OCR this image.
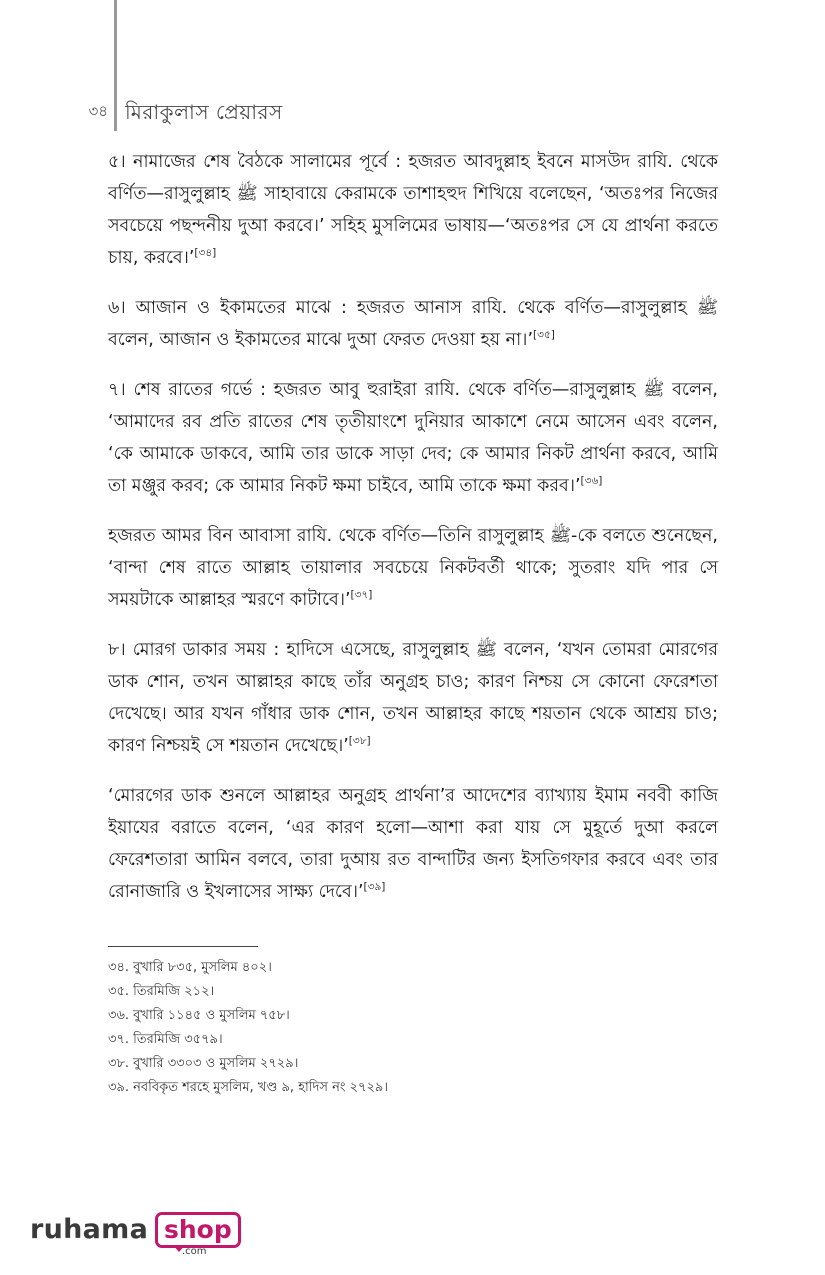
৩৪ মিরাকুলাস প্রেয়ারস

৫। নামাজের শেষ বৈঠকে সালামের পূর্বে : হজরত আবদুল্লাহ ইবনে মাসউদ রাযি. থেকে বর্ণিত—রাসুলুল্লাহ ﷺ সাহাবায়ে কেরামকে তাশাহহুদ শিখিয়ে বলেছেন, ‘অতঃপর নিজের সবচেয়ে পছন্দনীয় দুআ করবে।’ সহিহ মুসলিমের ভাষায়—‘অতঃপর সে যে প্রার্থনা করতে চায়, করবে।’[৩৪]

৬। আজান ও ইকামতের মাঝে : হজরত আনাস রাযি. থেকে বর্ণিত—রাসুলুল্লাহ ﷺ বলেন, আজান ও ইকামতের মাঝে দুআ ফেরত দেওয়া হয় না।’[৩৫]

৭। শেষ রাতের গর্ভে : হজরত আবু হুরাইরা রাযি. থেকে বর্ণিত—রাসুলুল্লাহ ﷺ বলেন, ‘আমাদের রব প্রতি রাতের শেষ তৃতীয়াংশে দুনিয়ার আকাশে নেমে আসেন এবং বলেন, ‘কে আমাকে ডাকবে, আমি তার ডাকে সাড়া দেব; কে আমার নিকট প্রার্থনা করবে, আমি তা মঞ্জুর করব; কে আমার নিকট ক্ষমা চাইবে, আমি তাকে ক্ষমা করব।’[৩৬]

হজরত আমর বিন আবাসা রাযি. থেকে বর্ণিত—তিনি রাসুলুল্লাহ ﷺ-কে বলতে শুনেছেন, ‘বান্দা শেষ রাতে আল্লাহ তায়ালার সবচেয়ে নিকটবর্তী থাকে; সুতরাং যদি পার সে সময়টাকে আল্লাহর স্মরণে কাটাবে।’[৩৭]

৮। মোরগ ডাকার সময় : হাদিসে এসেছে, রাসুলুল্লাহ ﷺ বলেন, ‘যখন তোমরা মোরগের ডাক শোন, তখন আল্লাহর কাছে তাঁর অনুগ্রহ চাও; কারণ নিশ্চয় সে কোনো ফেরেশতা দেখেছে। আর যখন গাঁধার ডাক শোন, তখন আল্লাহর কাছে শয়তান থেকে আশ্রয় চাও; কারণ নিশ্চয়ই সে শয়তান দেখেছে।’[৩৮]

‘মোরগের ডাক শুনলে আল্লাহর অনুগ্রহ প্রার্থনা’র আদেশের ব্যাখ্যায় ইমাম নববী কাজি ইয়াযের বরাতে বলেন, ‘এর কারণ হলো—আশা করা যায় সে মুহূর্তে দুআ করলে ফেরেশতারা আমিন বলবে, তারা দুআয় রত বান্দাটির জন্য ইসতিগফার করবে এবং তার রোনাজারি ও ইখলাসের সাক্ষ্য দেবে।’[৩৯]

৩৪. বুখারি ৮৩৫, মুসলিম ৪০২।
৩৫. তিরমিজি ২১২।
৩৬. বুখারি ১১৪৫ ও মুসলিম ৭৫৮।
৩৭. তিরমিজি ৩৫৭৯।
৩৮. বুখারি ৩৩০৩ ও মুসলিম ২৭২৯।
৩৯. নববিকৃত শরহে মুসলিম, খণ্ড ৯, হাদিস নং ২৭২৯।
ruhama shop
.com
